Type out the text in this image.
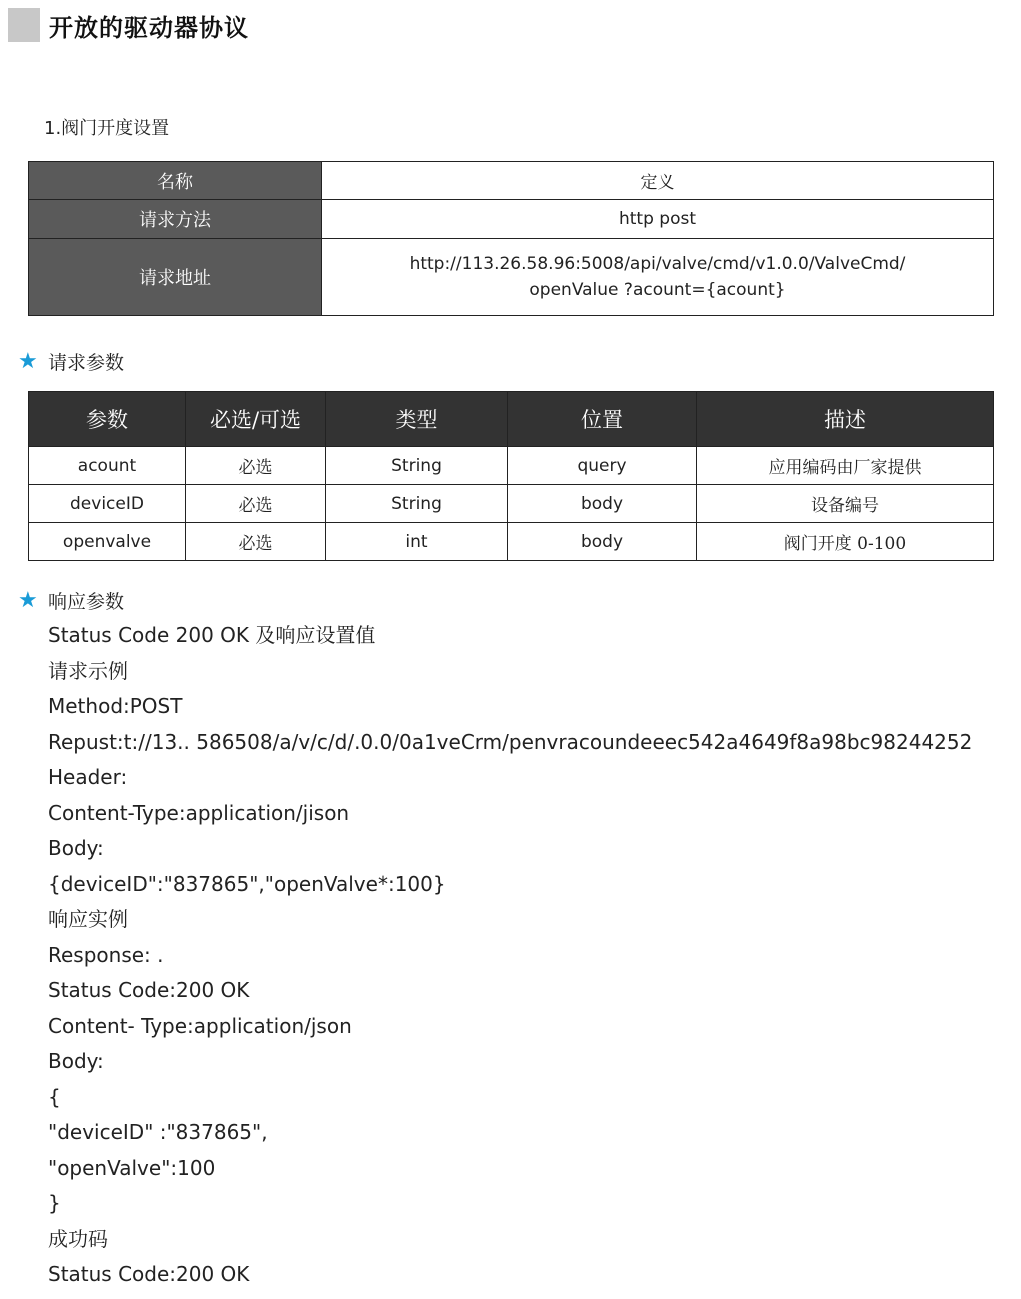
开放的驱动器协议
1.阀门开度设置
名称	定义
请求方法	http post
请求地址	http://113.26.58.96:5008/api/valve/cmd/v1.0.0/ValveCmd/
openValue ?acount={acount}
★ 请求参数
参数	必选/可选	类型	位置	描述
acount	必选	String	query	应用编码由厂家提供
deviceID	必选	String	body	设备编号
openvalve	必选	int	body	阀门开度 0-100
★ 响应参数
Status Code 200 OK 及响应设置值
请求示例
Method:POST
Repust:t://13.. 586508/a/v/c/d/.0.0/0a1veCrm/penvracoundeeec542a4649f8a98bc98244252
Header:
Content-Type:application/jison
Body:
{deviceID":"837865","openValve*:100}
响应实例
Response: .
Status Code:200 OK
Content- Type:application/json
Body:
{
"deviceID" :"837865",
"openValve":100
}
成功码
Status Code:200 OK
